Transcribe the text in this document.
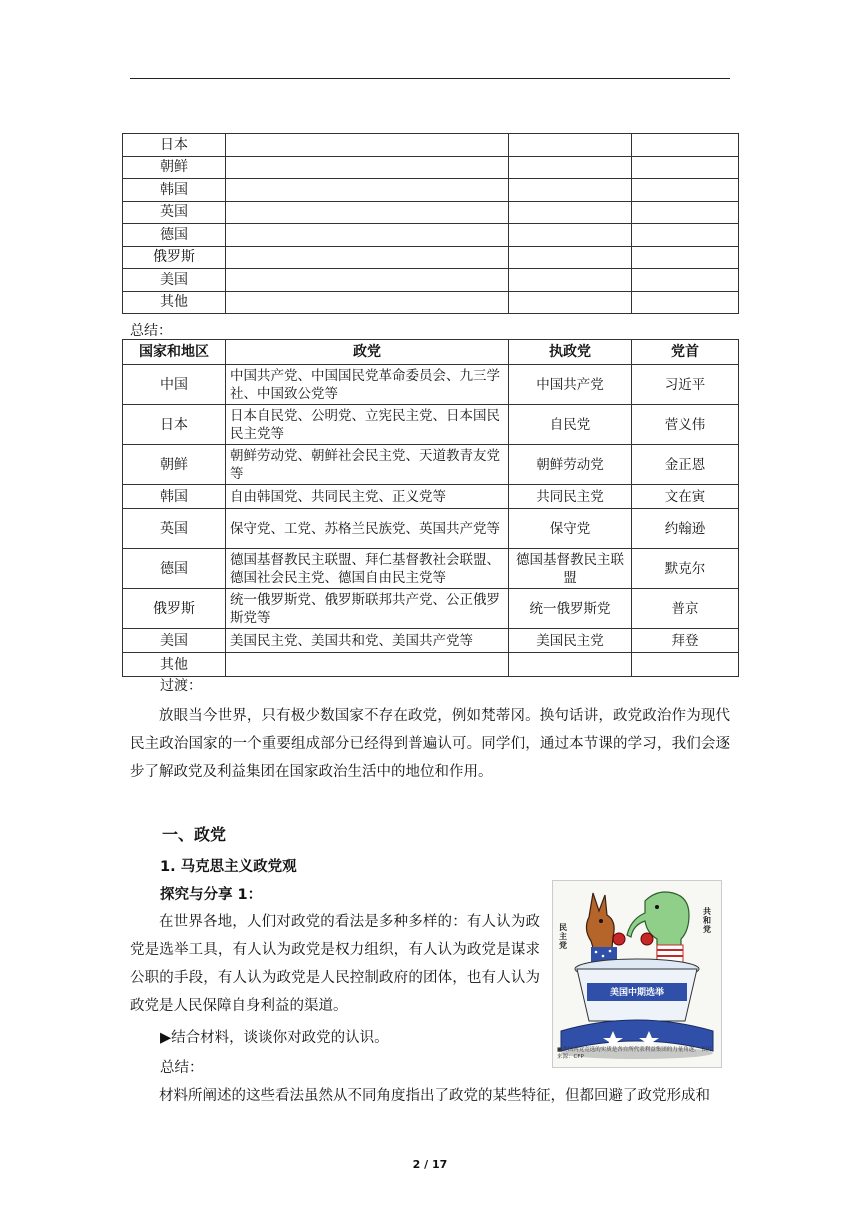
日本			
朝鲜			
韩国			
英国			
德国			
俄罗斯			
美国			
其他			
总结：
国家和地区	政党	执政党	党首
中国	中国共产党、中国国民党革命委员会、九三学社、中国致公党等	中国共产党	习近平
日本	日本自民党、公明党、立宪民主党、日本国民民主党等	自民党	菅义伟
朝鲜	朝鲜劳动党、朝鲜社会民主党、天道教青友党等	朝鲜劳动党	金正恩
韩国	自由韩国党、共同民主党、正义党等	共同民主党	文在寅
英国	保守党、工党、苏格兰民族党、英国共产党等	保守党	约翰逊
德国	德国基督教民主联盟、拜仁基督教社会联盟、德国社会民主党、德国自由民主党等	德国基督教民主联盟	默克尔
俄罗斯	统一俄罗斯党、俄罗斯联邦共产党、公正俄罗斯党等	统一俄罗斯党	普京
美国	美国民主党、美国共和党、美国共产党等	美国民主党	拜登
其他			
过渡：
放眼当今世界，只有极少数国家不存在政党，例如梵蒂冈。换句话讲，政党政治作为现代民主政治国家的一个重要组成部分已经得到普遍认可。同学们，通过本节课的学习，我们会逐步了解政党及利益集团在国家政治生活中的地位和作用。
一、政党
1. 马克思主义政党观
探究与分享 1：
在世界各地，人们对政党的看法是多种多样的：有人认为政党是选举工具，有人认为政党是权力组织，有人认为政党是谋求公职的手段，有人认为政党是人民控制政府的团体，也有人认为政党是人民保障自身利益的渠道。
▶结合材料，谈谈你对政党的认识。
总结：
材料所阐述的这些看法虽然从不同角度指出了政党的某些特征，但都回避了政党形成和
民主党
共和党
美国中期选举
■美国两党竞选的实质是各自所代表利益集团的力量角逐。 图片来源：CFP
2 / 17
